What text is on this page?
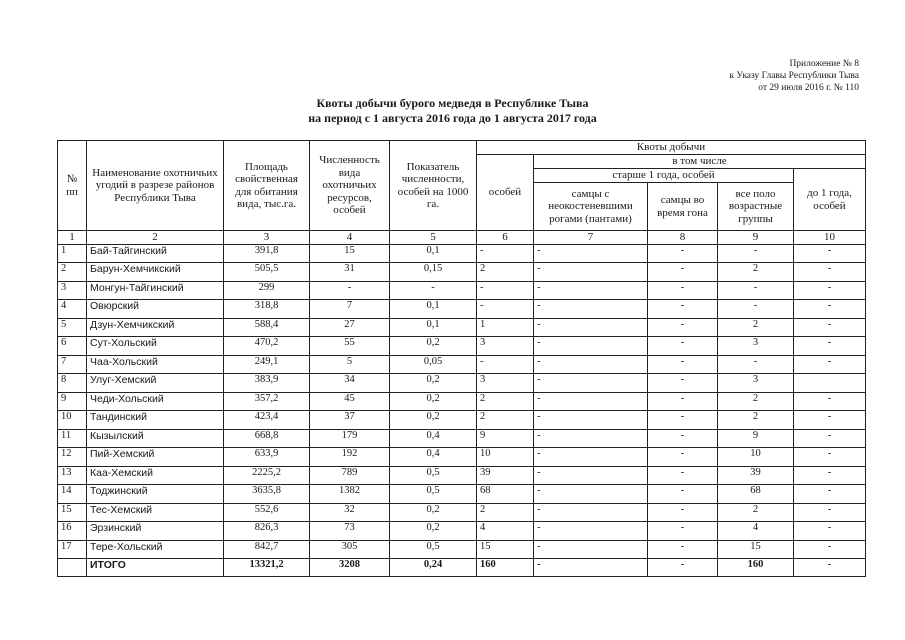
Приложение № 8
к Указу Главы Республики Тыва
от 29 июля 2016 г. № 110
Квоты добычи бурого медведя в Республике Тыва
на период с 1 августа 2016 года до 1 августа 2017 года
№ пп	Наименование охотничьих угодий в разрезе районов Республики Тыва	Площадь свойственная для обитания вида, тыс.га.	Численность вида охотничьих ресурсов, особей	Показатель численности, особей на 1000 га.	Квоты добычи				
					особей	в том числе			
						старше 1 года, особей			до 1 года, особей
						самцы с неокостеневшими рогами (пантами)	самцы во время гона	все поло возрастные группы	
1	2	3	4	5	6	7	8	9	10
1	Бай-Тайгинский	391,8	15	0,1	-	-	-	-	-
2	Барун-Хемчикский	505,5	31	0,15	2	-	-	2	-
3	Монгун-Тайгинский	299	-	-	-	-	-	-	-
4	Овюрский	318,8	7	0,1	-	-	-	-	-
5	Дзун-Хемчикский	588,4	27	0,1	1	-	-	2	-
6	Сут-Хольский	470,2	55	0,2	3	-	-	3	-
7	Чаа-Хольский	249,1	5	0,05	-	-	-	-	-
8	Улуг-Хемский	383,9	34	0,2	3	-	-	3	
9	Чеди-Хольский	357,2	45	0,2	2	-	-	2	-
10	Тандинский	423,4	37	0,2	2	-	-	2	-
11	Кызылский	668,8	179	0,4	9	-	-	9	-
12	Пий-Хемский	633,9	192	0,4	10	-	-	10	-
13	Каа-Хемский	2225,2	789	0,5	39	-	-	39	-
14	Тоджинский	3635,8	1382	0,5	68	-	-	68	-
15	Тес-Хемский	552,6	32	0,2	2	-	-	2	-
16	Эрзинский	826,3	73	0,2	4	-	-	4	-
17	Тере-Хольский	842,7	305	0,5	15	-	-	15	-
	ИТОГО	13321,2	3208	0,24	160	-	-	160	-
